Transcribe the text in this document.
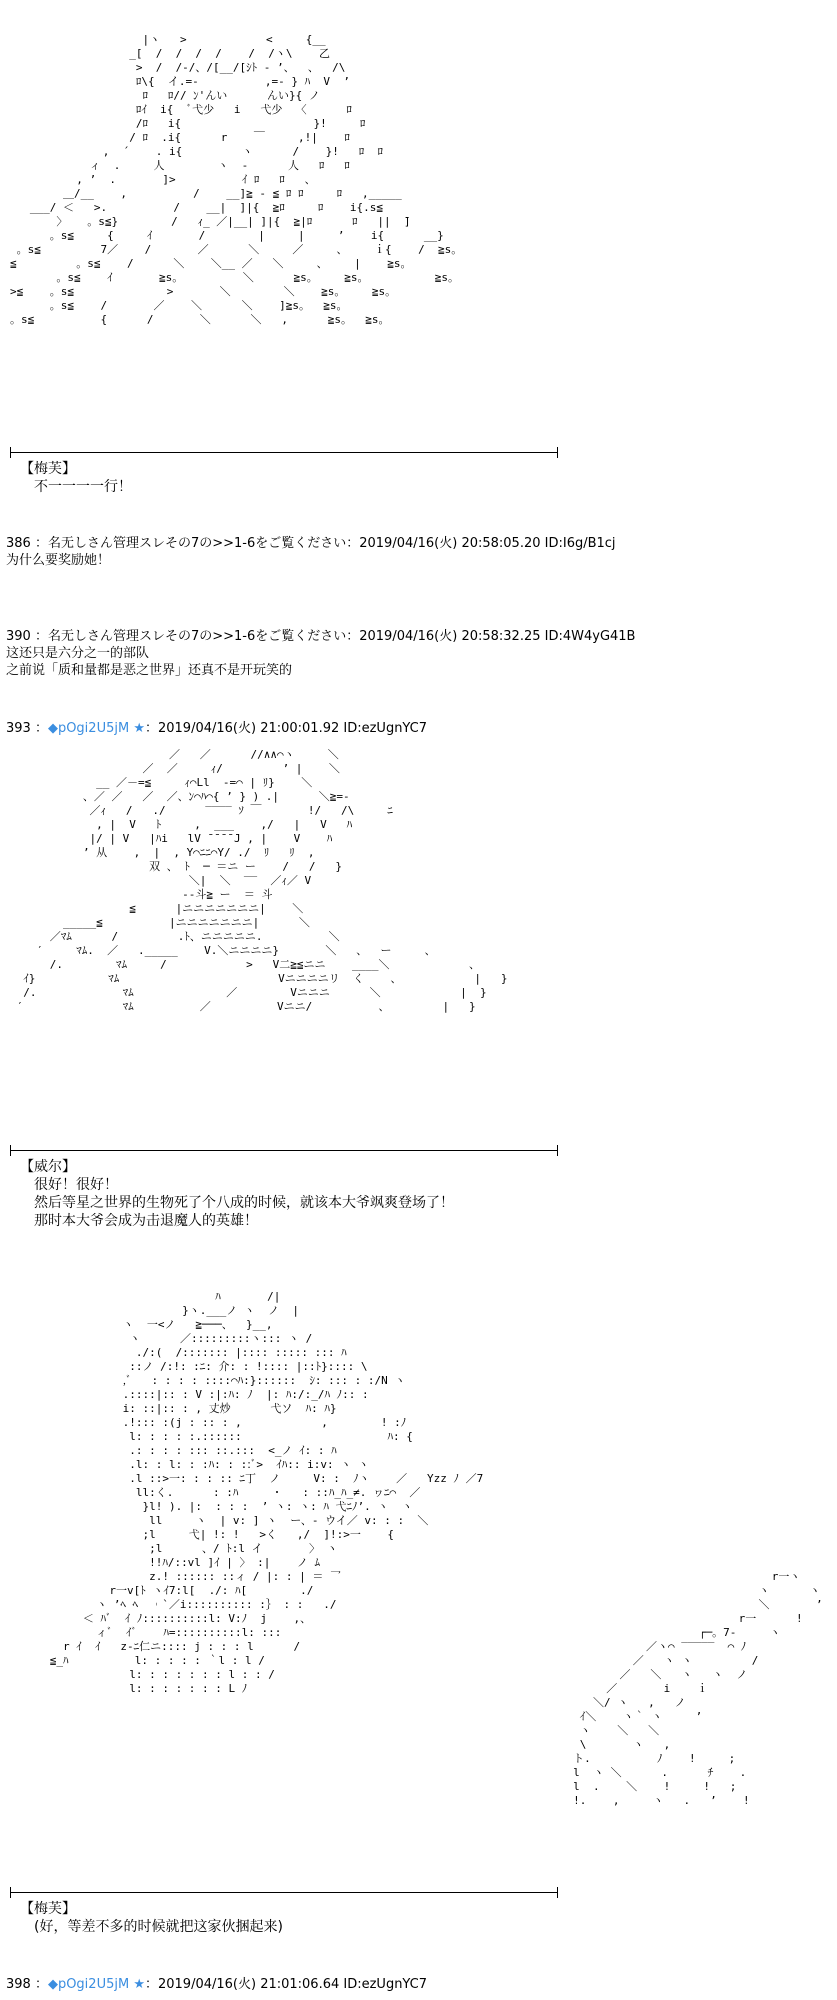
|ヽ   >            <     {__
_[  /  /  /  /    /  /ヽ\    乙
>  /  /-/、/[__/[ｼﾄ - ’、  、  /\
ﾛ\{  イ.=-          ,=- } ﾊ  V  ’
ﾛ   ﾛ// ﾝ'んい      んい}{ ノ
ﾛｲ  i{  ﾞ弋少   i   弋少  〈      ﾛ
/ﾛ   i{                    }!     ﾛ
/ ﾛ  .i{      r    ￣     ,!|    ﾛ
,  ´    . i{         ヽ      /    }!   ﾛ  ﾛ
ィ  .     人        ヽ  -      人   ﾛ   ﾛ
, ’  .       ]>          ｲ ﾛ   ﾛ   、
＿/__    ,          /    __]≧ - ≦ ﾛ ﾛ     ﾛ   ,_____
___/ ＜   >.          /    __|  ]|{  ≧ﾛ     ﾛ    i{.s≦
〉   。s≦}        /   ｨ_ ／|__| ]|{  ≧|ﾛ      ﾛ   ||  ̄]
。s≦     {     ｲ       /        |     |     ’    i{      __}
。s≦         7／    /       ／      ＼     ／     、    ｉ{    /  ≧s。
≦         。s≦    /      ＼    ＼__ ／   ＼     、    |    ≧s。
。s≦    ｲ       ≧s。         ＼      ≧s。    ≧s。          ≧s。
>≦    。s≦              >       ＼        ＼    ≧s。    ≧s。
。s≦    /       ／    ＼      ＼    ]≧s。  ≧s。
。s≦          {      /       ＼      ＼   ,      ≧s。  ≧s。
【梅芙】
不一一一一行！
386 ：名无しさん管理スレその7の>>1-6をご覧ください：2019/04/16(火) 20:58:05.20 ID:I6g/B1cj
为什么要奖励她！
390 ：名无しさん管理スレその7の>>1-6をご覧ください：2019/04/16(火) 20:58:32.25 ID:4W4yG41B
这还只是六分之一的部队
之前说「质和量都是恶之世界」还真不是开玩笑的
393 ：◆pOgi2U5jM ★：2019/04/16(火) 21:00:01.92 ID:ezUgnYC7
／   ／      //∧∧⌒ヽ     ＼
／  ／     ｨ/         ’ |    ＼
__ ／－=≦     ｨ⌒Ll  -=⌒ | ﾘ}    ＼
、／ ／   ／  ／、ﾝ⌒ﾊ⌒{ ’ } ) .|      ＼≧=-
／ｨ   /   ./      ‾‾‾‾ ｿ ￣       !/   /\     ﾆ
, |  V   ﾄ     ,  ___    ,/   |   V   ﾊ
|/ | V   |ﾊi   lV ̄ ̄ ̄ ̄ J , |    V    ﾊ
’ 从    ,  |  , Y⌒ﾆﾆ⌒Y/ ./  ﾘ   ﾘ  ,
双 、 ﾄ  ─ ＝ニ ー    /   /   }
＼|  ＼  ‾‾  ／ｨ／ V
--斗≧ ー  ＝ 斗
≦      |ニニニニニニニ|    ＼
_____≦          |ニニニニニニニ|      ＼
／ﾏﾑ      /         .ﾄ、ニニニニニ.          ＼
′     ﾏﾑ.  ／   ._____    V.＼ニニニニ}       ＼   、  ー     、
/.        ﾏﾑ     /            >   V二≧≦ニニ    ____＼            、
ｲ}           ﾏﾑ                        Vニニニニリ  く    、           |   }
/.             ﾏﾑ              ／        Vニニニ      ＼            |  }
′               ﾏﾑ          ／          Vニニ/          、        |   }
【威尔】
很好！很好！
然后等星之世界的生物死了个八成的时候，就该本大爷飒爽登场了！
那时本大爷会成为击退魔人的英雄！
ﾊ       /|
}ヽ.___ノ ヽ  ノ  |
ヽ  一<ノ   ≧───、  }__,
ヽ      ／:::::::::ヽ::: ヽ /
./:(  /::::::: |:::: ::::: ::: ﾊ
::ノ /:!: :ﾆ: 介: : !:::: |::ﾄ}:::: \
,ﾞ   : : : : ::::⌒ﾊ:}::::::  ｼ: ::: : :/N ヽ
.::::|:: : V :|:ﾊ: ﾉ  |: ﾊ:/:_/ﾊ ﾉ:: :
i: ::|:: : , 丈炒      弋ソ  ﾊ: ﾊ}
.!::: :(j : :: : ,            ,        ! :ﾉ
l: : : : :.::::::                      ﾊ: {
.: : : : ::: ::.:::  <_ノ ｲ: : ﾊ
.l: : l: : :ﾊ: : ::ﾞ>  ｲﾊ:: i:v: ヽ ヽ
.l ::>一: : : :: ﾆ丁  ノ     V: :  ﾉヽ    ／   Yzz ﾉ ／7
ll:く.      : :ﾊ     ・   : ::ﾊ_ﾊ_≠. ヮﾆ⌒  ／
}l! ). |:  : : :  ’ ヽ: ヽ: ﾊ 弋ﾆﾉ’. ヽ  ヽ
ll     ヽ  | v: ] ヽ  ー、- ウイ／ v: : :  ＼
;l     弋| !: !   >く   ,/  ]!:>一    {
;l      、/ ﾄ:l イ       〉 ヽ
!!ﾊ/::vl ]ｲ | 〉 :|    ノ ﾑ
z.! :::::: ::ィ / |: : | ＝ 乛
r一v[ﾄ ヽｲ7:l[  ./: ﾊ[        ./
ヽ ’ﾍ ﾍ  ︲`／i:::::::::: :｝ : :   ./
＜ ﾊﾞ  ｲ ﾉ::::::::::l: V:ﾉ  j    ,、
ィﾞ  ｲﾞ    ﾊ=::::::::::l: :::
r ｲ  ｲ   z-ﾆ仁ニ:::: j : : : l      /
≦_ﾊ          l: : : : : ｀l : l /
l: : : : : : : l : : /
l: : : : : : : L ﾉ
r一ヽ
ヽ      ヽ
＼       ’
r一      !
┌─。7-     ヽ
／ヽ⌒ ‾‾‾‾‾  ⌒ ﾉ
／   ヽ ヽ         /
／   ＼   ヽ   ヽ  ノ
／       i    ｉ
＼/ ヽ   ,   ノ
ｲ＼    ヽ｀ ヽ     ’
ヽ    ＼   ＼
\       ヽ   ,
ト.          ﾉ    !     ;
l  ヽ ＼      .      ﾁ    .
l  .    ＼    !     !   ;
!.    ,     ヽ   .   ’    !
【梅芙】
(好，等差不多的时候就把这家伙捆起来)
398 ：◆pOgi2U5jM ★：2019/04/16(火) 21:01:06.64 ID:ezUgnYC7
